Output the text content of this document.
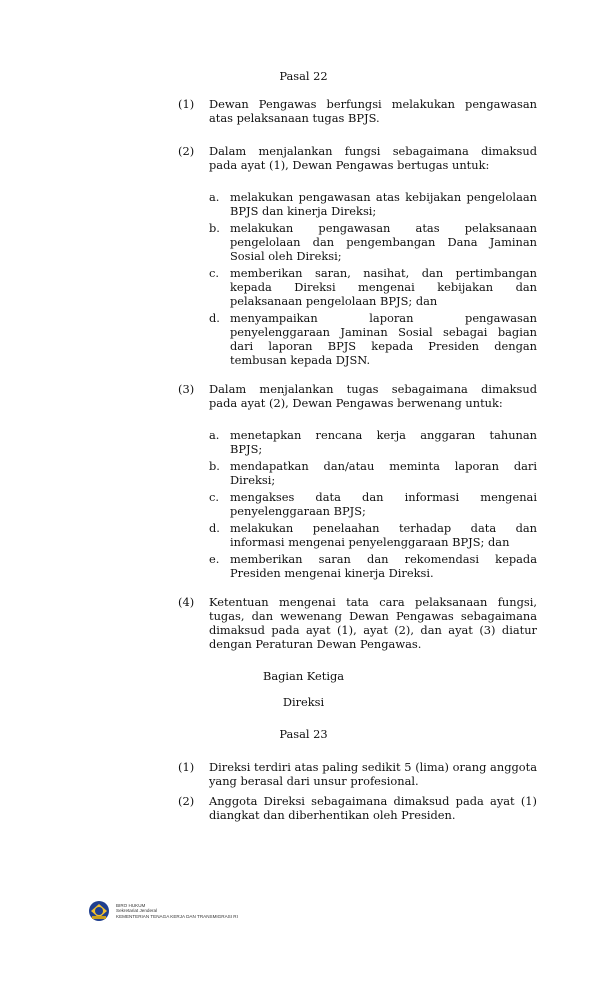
Pasal 22
Bagian Ketiga
Direksi
Pasal 23
BIRO HUKUM
Sekretariat Jenderal
KEMENTERIAN TENAGA KERJA DAN TRANSMIGRASI RI
(1) Dewan Pengawas berfungsi melakukan pengawasan
atas pelaksanaan tugas BPJS.
(2) Dalam menjalankan fungsi sebagaimana dimaksud
pada ayat (1), Dewan Pengawas bertugas untuk:
a. melakukan pengawasan atas kebijakan pengelolaan
BPJS dan kinerja Direksi;
b. melakukan pengawasan atas pelaksanaan
pengelolaan dan pengembangan Dana Jaminan
Sosial oleh Direksi;
c. memberikan saran, nasihat, dan pertimbangan
kepada Direksi mengenai kebijakan dan
pelaksanaan pengelolaan BPJS; dan
d. menyampaikan laporan pengawasan
penyelenggaraan Jaminan Sosial sebagai bagian
dari laporan BPJS kepada Presiden dengan
tembusan kepada DJSN.
(3) Dalam menjalankan tugas sebagaimana dimaksud
pada ayat (2), Dewan Pengawas berwenang untuk:
a. menetapkan rencana kerja anggaran tahunan
BPJS;
b. mendapatkan dan/atau meminta laporan dari
Direksi;
c. mengakses data dan informasi mengenai
penyelenggaraan BPJS;
d. melakukan penelaahan terhadap data dan
informasi mengenai penyelenggaraan BPJS; dan
e. memberikan saran dan rekomendasi kepada
Presiden mengenai kinerja Direksi.
(4) Ketentuan mengenai tata cara pelaksanaan fungsi,
tugas, dan wewenang Dewan Pengawas sebagaimana
dimaksud pada ayat (1), ayat (2), dan ayat (3) diatur
dengan Peraturan Dewan Pengawas.
(1) Direksi terdiri atas paling sedikit 5 (lima) orang anggota
yang berasal dari unsur profesional.
(2) Anggota Direksi sebagaimana dimaksud pada ayat (1)
diangkat dan diberhentikan oleh Presiden.
